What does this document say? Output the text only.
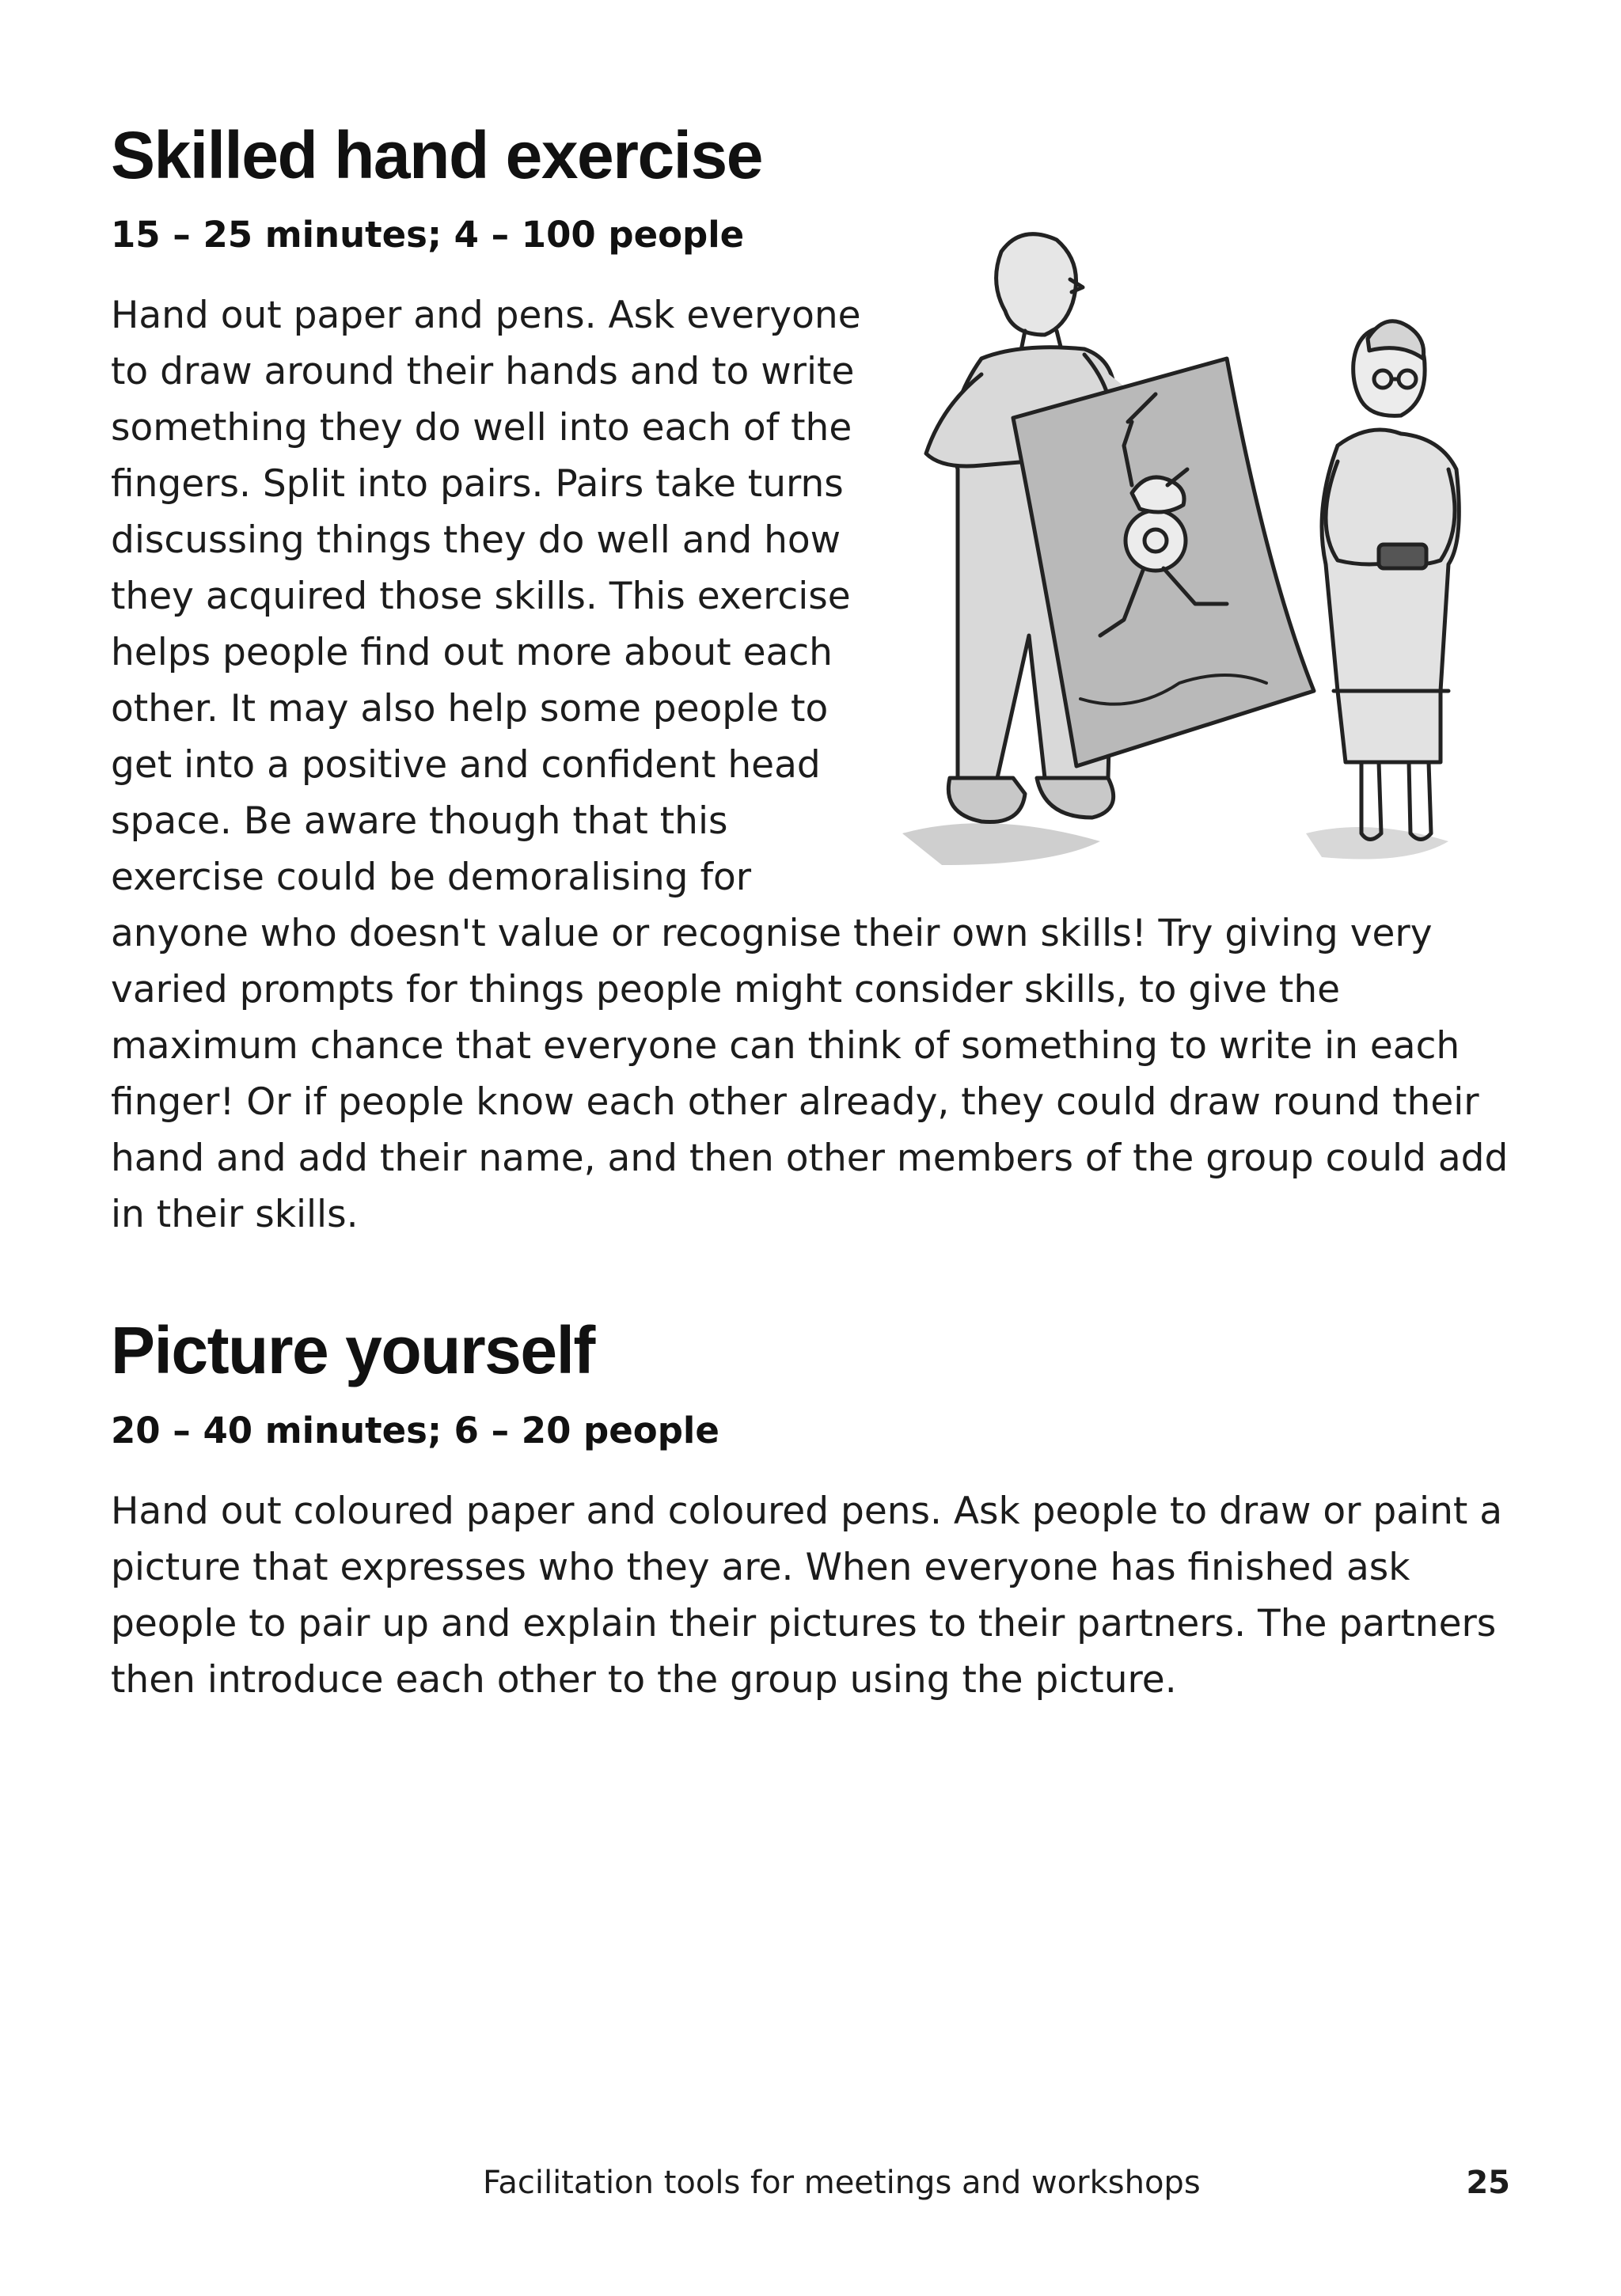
Skilled hand exercise
15 – 25 minutes; 4 – 100 people

Hand out paper and pens. Ask everyone to draw around their hands and to write something they do well into each of the fingers. Split into pairs. Pairs take turns discussing things they do well and how they acquired those skills. This exercise helps people find out more about each other. It may also help some people to get into a positive and confident head space. Be aware though that this exercise could be demoralising for anyone who doesn't value or recognise their own skills! Try giving very varied prompts for things people might consider skills, to give the maximum chance that everyone can think of something to write in each finger! Or if people know each other already, they could draw round their hand and add their name, and then other members of the group could add in their skills.

Picture yourself
20 – 40 minutes; 6 – 20 people

Hand out coloured paper and coloured pens. Ask people to draw or paint a picture that expresses who they are. When everyone has finished ask people to pair up and explain their pictures to their partners. The partners then introduce each other to the group using the picture.

Facilitation tools for meetings and workshops	25
